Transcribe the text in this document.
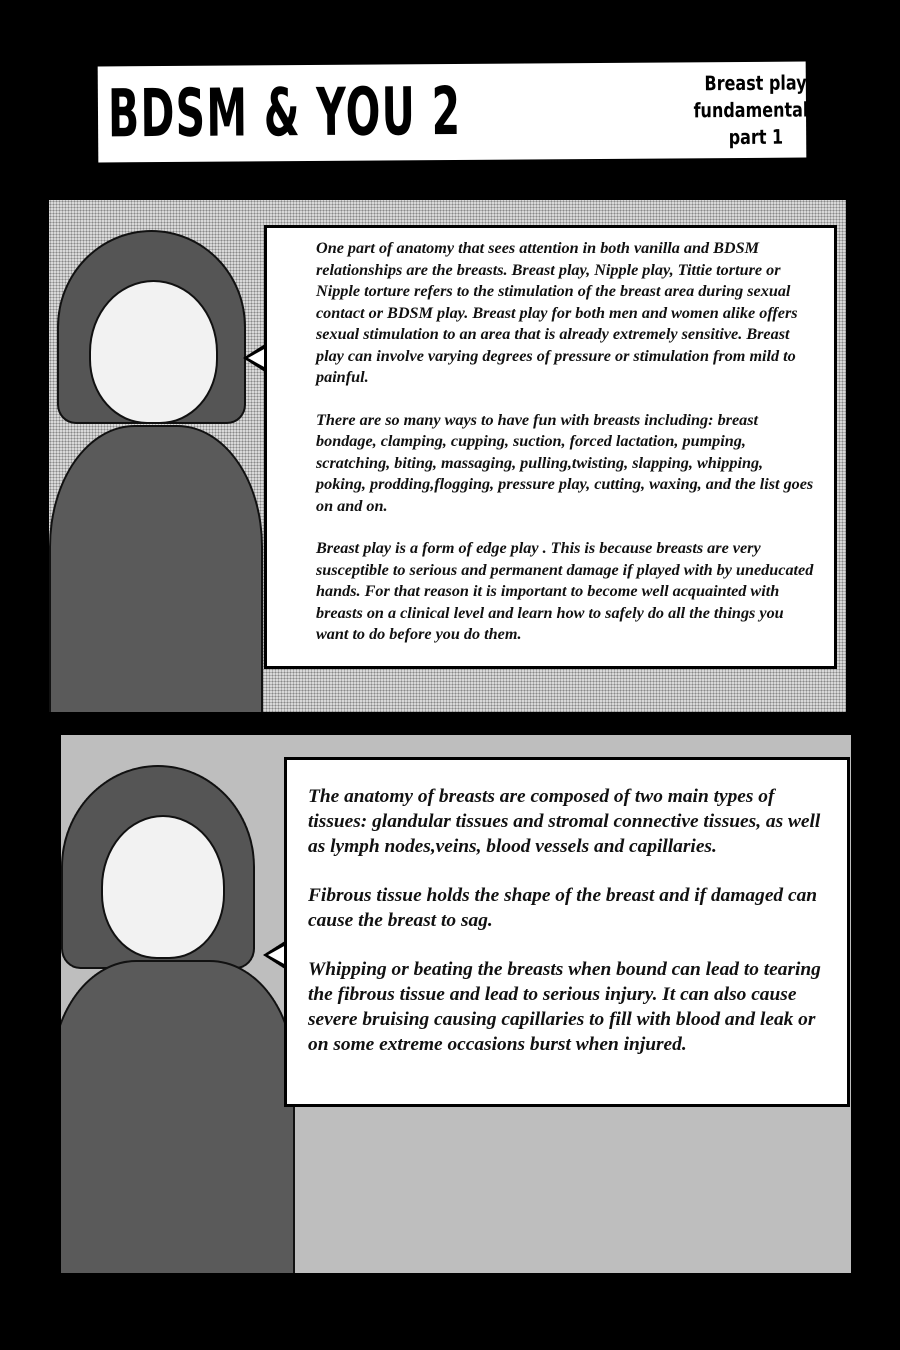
BDSM & YOU 2	Breast play
fundamentals
part 1

One part of anatomy that sees attention in both vanilla and BDSM relationships are the breasts. Breast play, Nipple play, Tittie torture or Nipple torture refers to the stimulation of the breast area during sexual contact or BDSM play. Breast play for both men and women alike offers sexual stimulation to an area that is already extremely sensitive. Breast play can involve varying degrees of pressure or stimulation from mild to painful.

There are so many ways to have fun with breasts including: breast bondage, clamping, cupping, suction, forced lactation, pumping, scratching, biting, massaging, pulling,twisting, slapping, whipping, poking, prodding,flogging, pressure play, cutting, waxing, and the list goes on and on.

Breast play is a form of edge play . This is because breasts are very susceptible to serious and permanent damage if played with by uneducated hands. For that reason it is important to become well acquainted with breasts on a clinical level and learn how to safely do all the things you want to do before you do them.

The anatomy of breasts are composed of two main types of tissues: glandular tissues and stromal connective tissues, as well as lymph nodes,veins, blood vessels and capillaries.

Fibrous tissue holds the shape of the breast and if damaged can cause the breast to sag.

Whipping or beating the breasts when bound can lead to tearing the fibrous tissue and lead to serious injury. It can also cause severe bruising causing capillaries to fill with blood and leak or on some extreme occasions burst when injured.
